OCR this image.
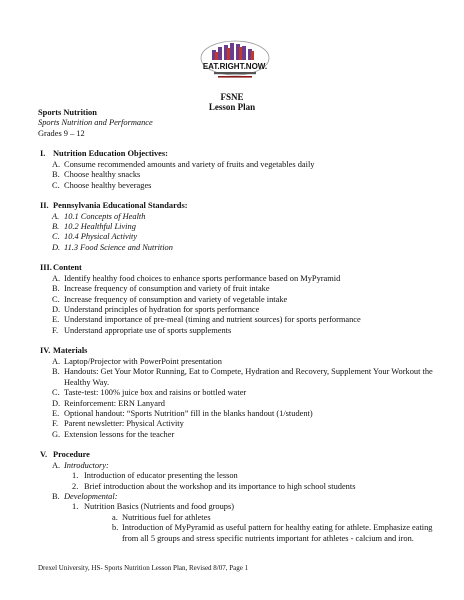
EAT.RIGHT.NOW.
FSNE
Lesson Plan
Sports Nutrition
Sports Nutrition and Performance
Grades 9 – 12
I. Nutrition Education Objectives:
A. Consume recommended amounts and variety of fruits and vegetables daily
B. Choose healthy snacks
C. Choose healthy beverages
II. Pennsylvania Educational Standards:
A. 10.1 Concepts of Health
B. 10.2 Healthful Living
C. 10.4 Physical Activity
D. 11.3 Food Science and Nutrition
III. Content
A. Identify healthy food choices to enhance sports performance based on MyPyramid
B. Increase frequency of consumption and variety of fruit intake
C. Increase frequency of consumption and variety of vegetable intake
D. Understand principles of hydration for sports performance
E. Understand importance of pre-meal (timing and nutrient sources) for sports performance
F. Understand appropriate use of sports supplements
IV. Materials
A. Laptop/Projector with PowerPoint presentation
B. Handouts: Get Your Motor Running, Eat to Compete, Hydration and Recovery, Supplement Your Workout the Healthy Way.
C. Taste-test: 100% juice box and raisins or bottled water
D. Reinforcement: ERN Lanyard
E. Optional handout: “Sports Nutrition” fill in the blanks handout (1/student)
F. Parent newsletter: Physical Activity
G. Extension lessons for the teacher
V. Procedure
A. Introductory:
1. Introduction of educator presenting the lesson
2. Brief introduction about the workshop and its importance to high school students
B. Developmental:
1. Nutrition Basics (Nutrients and food groups)
a. Nutritious fuel for athletes
b. Introduction of MyPyramid as useful pattern for healthy eating for athlete. Emphasize eating from all 5 groups and stress specific nutrients important for athletes - calcium and iron.
Drexel University, HS- Sports Nutrition Lesson Plan, Revised 8/07, Page 1
